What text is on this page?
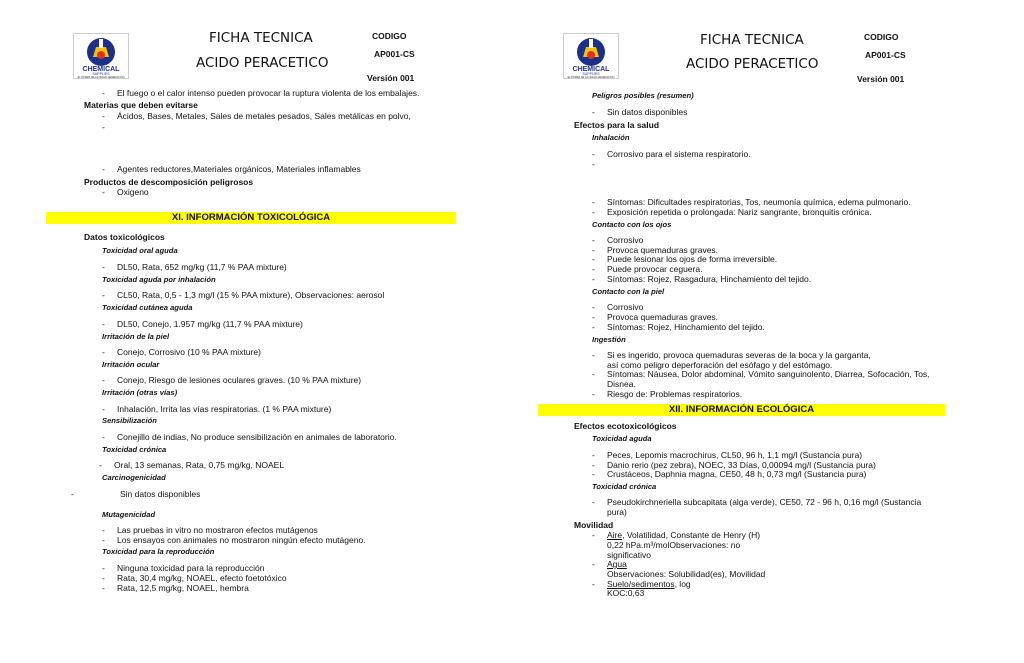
CHEMICAL
SUPPLIES
EL PODER DE LA NUEVA GENERACIÓN
FICHA TECNICA
ACIDO PERACETICO
CODIGO
AP001-CS
Versión 001
- El fuego o el calor intenso pueden provocar la ruptura violenta de los embalajes.
Materias que deben evitarse
- Ácidos, Bases, Metales, Sales de metales pesados, Sales metálicas en polvo,
-
- Agentes reductores,Materiales orgánicos, Materiales inflamables
Productos de descomposición peligrosos
- Oxigeno
XI. INFORMACIÓN TOXICOLÓGICA
Datos toxicológicos
Toxicidad oral aguda
- DL50, Rata, 652 mg/kg (11,7 % PAA mixture)
Toxicidad aguda por inhalación
- CL50, Rata, 0,5 - 1,3 mg/l (15 % PAA mixture), Observaciones: aerosol
Toxicidad cutánea aguda
- DL50, Conejo, 1.957 mg/kg (11,7 % PAA mixture)
Irritación de la piel
- Conejo, Corrosivo (10 % PAA mixture)
Irritación ocular
- Conejo, Riesgo de lesiones oculares graves. (10 % PAA mixture)
Irritación (otras vías)
- Inhalación, Irrita las vías respiratorias. (1 % PAA mixture)
Sensibilización
- Conejillo de indias, No produce sensibilización en animales de laboratorio.
Toxicidad crónica
- Oral, 13 semanas, Rata, 0,75 mg/kg, NOAEL
Carcinogenicidad
-	Sin datos disponibles
Mutagenicidad
- Las pruebas in vitro no mostraron efectos mutágenos
- Los ensayos con animales no mostraron ningún efecto mutágeno.
Toxicidad para la reproducción
- Ninguna toxicidad para la reproducción
- Rata, 30,4 mg/kg, NOAEL, efecto foetotóxico
- Rata, 12,5 mg/kg, NOAEL, hembra
CHEMICAL
SUPPLIES
EL PODER DE LA NUEVA GENERACIÓN
FICHA TECNICA
ACIDO PERACETICO
CODIGO
AP001-CS
Versión 001
Peligros posibles (resumen)
- Sin datos disponibles
Efectos para la salud
Inhalación
- Corrosivo para el sistema respiratorio.
-
- Síntomas: Dificultades respiratorias, Tos, neumonía química, edema pulmonario.
- Exposición repetida o prolongada: Nariz sangrante, bronquitis crónica.
Contacto con los ojos
- Corrosivo
- Provoca quemaduras graves.
- Puede lesionar los ojos de forma irreversible.
- Puede provocar ceguera.
- Síntomas: Rojez, Rasgadura, Hinchamiento del tejido.
Contacto con la piel
- Corrosivo
- Provoca quemaduras graves.
- Síntomas: Rojez, Hinchamiento del tejido.
Ingestión
- Si es ingerido, provoca quemaduras severas de la boca y la garganta,
así como peligro deperforación del esófago y del estómago.
- Síntomas: Náusea, Dolor abdominal, Vómito sanguinolento, Diarrea, Sofocación, Tos,
Disnea.
- Riesgo de: Problemas respiratorios.
XII. INFORMACIÓN ECOLÓGICA
Efectos ecotoxicológicos
Toxicidad aguda
- Peces, Lepomis macrochirus, CL50, 96 h, 1,1 mg/l (Sustancia pura)
- Danio rerio (pez zebra), NOEC, 33 Días, 0,00094 mg/l (Sustancia pura)
- Crustáceos, Daphnia magna, CE50, 48 h, 0,73 mg/l (Sustancia pura)
Toxicidad crónica
- Pseudokirchneriella subcapitata (alga verde), CE50, 72 - 96 h, 0,16 mg/l (Sustancia
pura)
Movilidad
- Aire, Volatilidad, Constante de Henry (H)
0,22 hPa.m³/molObservaciones: no
significativo
- Agua
Observaciones: Solubilidad(es), Movilidad
- Suelo/sedimentos, log
KOC:0,63
